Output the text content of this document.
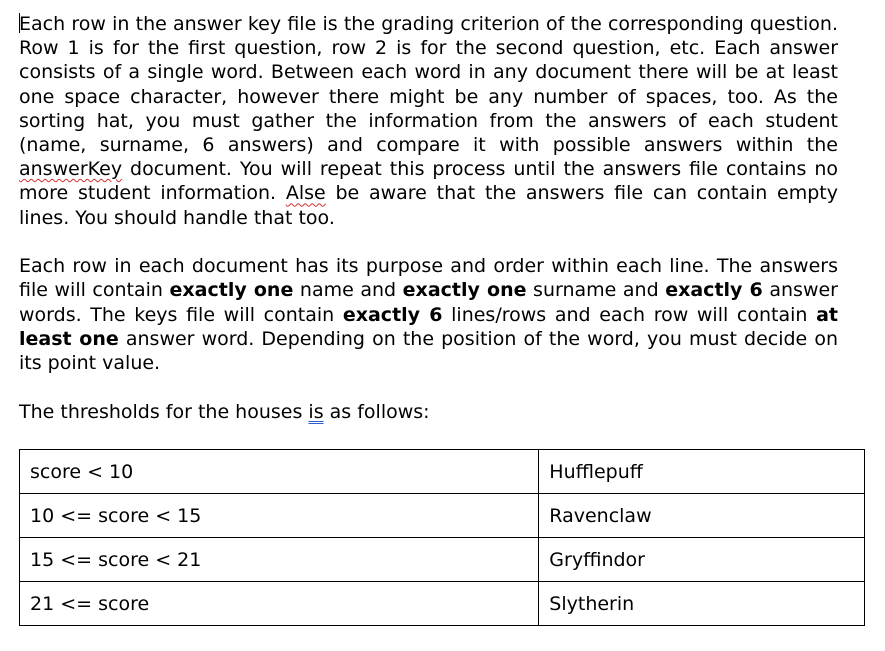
Each row in the answer key file is the grading criterion of the corresponding question. Row 1 is for the first question, row 2 is for the second question, etc. Each answer consists of a single word. Between each word in any document there will be at least one space character, however there might be any number of spaces, too. As the sorting hat, you must gather the information from the answers of each student (name, surname, 6 answers) and compare it with possible answers within the answerKey document. You will repeat this process until the answers file contains no more student information. Alse be aware that the answers file can contain empty lines. You should handle that too.

Each row in each document has its purpose and order within each line. The answers file will contain exactly one name and exactly one surname and exactly 6 answer words. The keys file will contain exactly 6 lines/rows and each row will contain at least one answer word. Depending on the position of the word, you must decide on its point value.

The thresholds for the houses is as follows:

score < 10	Hufflepuff
10 <= score < 15	Ravenclaw
15 <= score < 21	Gryffindor
21 <= score	Slytherin
